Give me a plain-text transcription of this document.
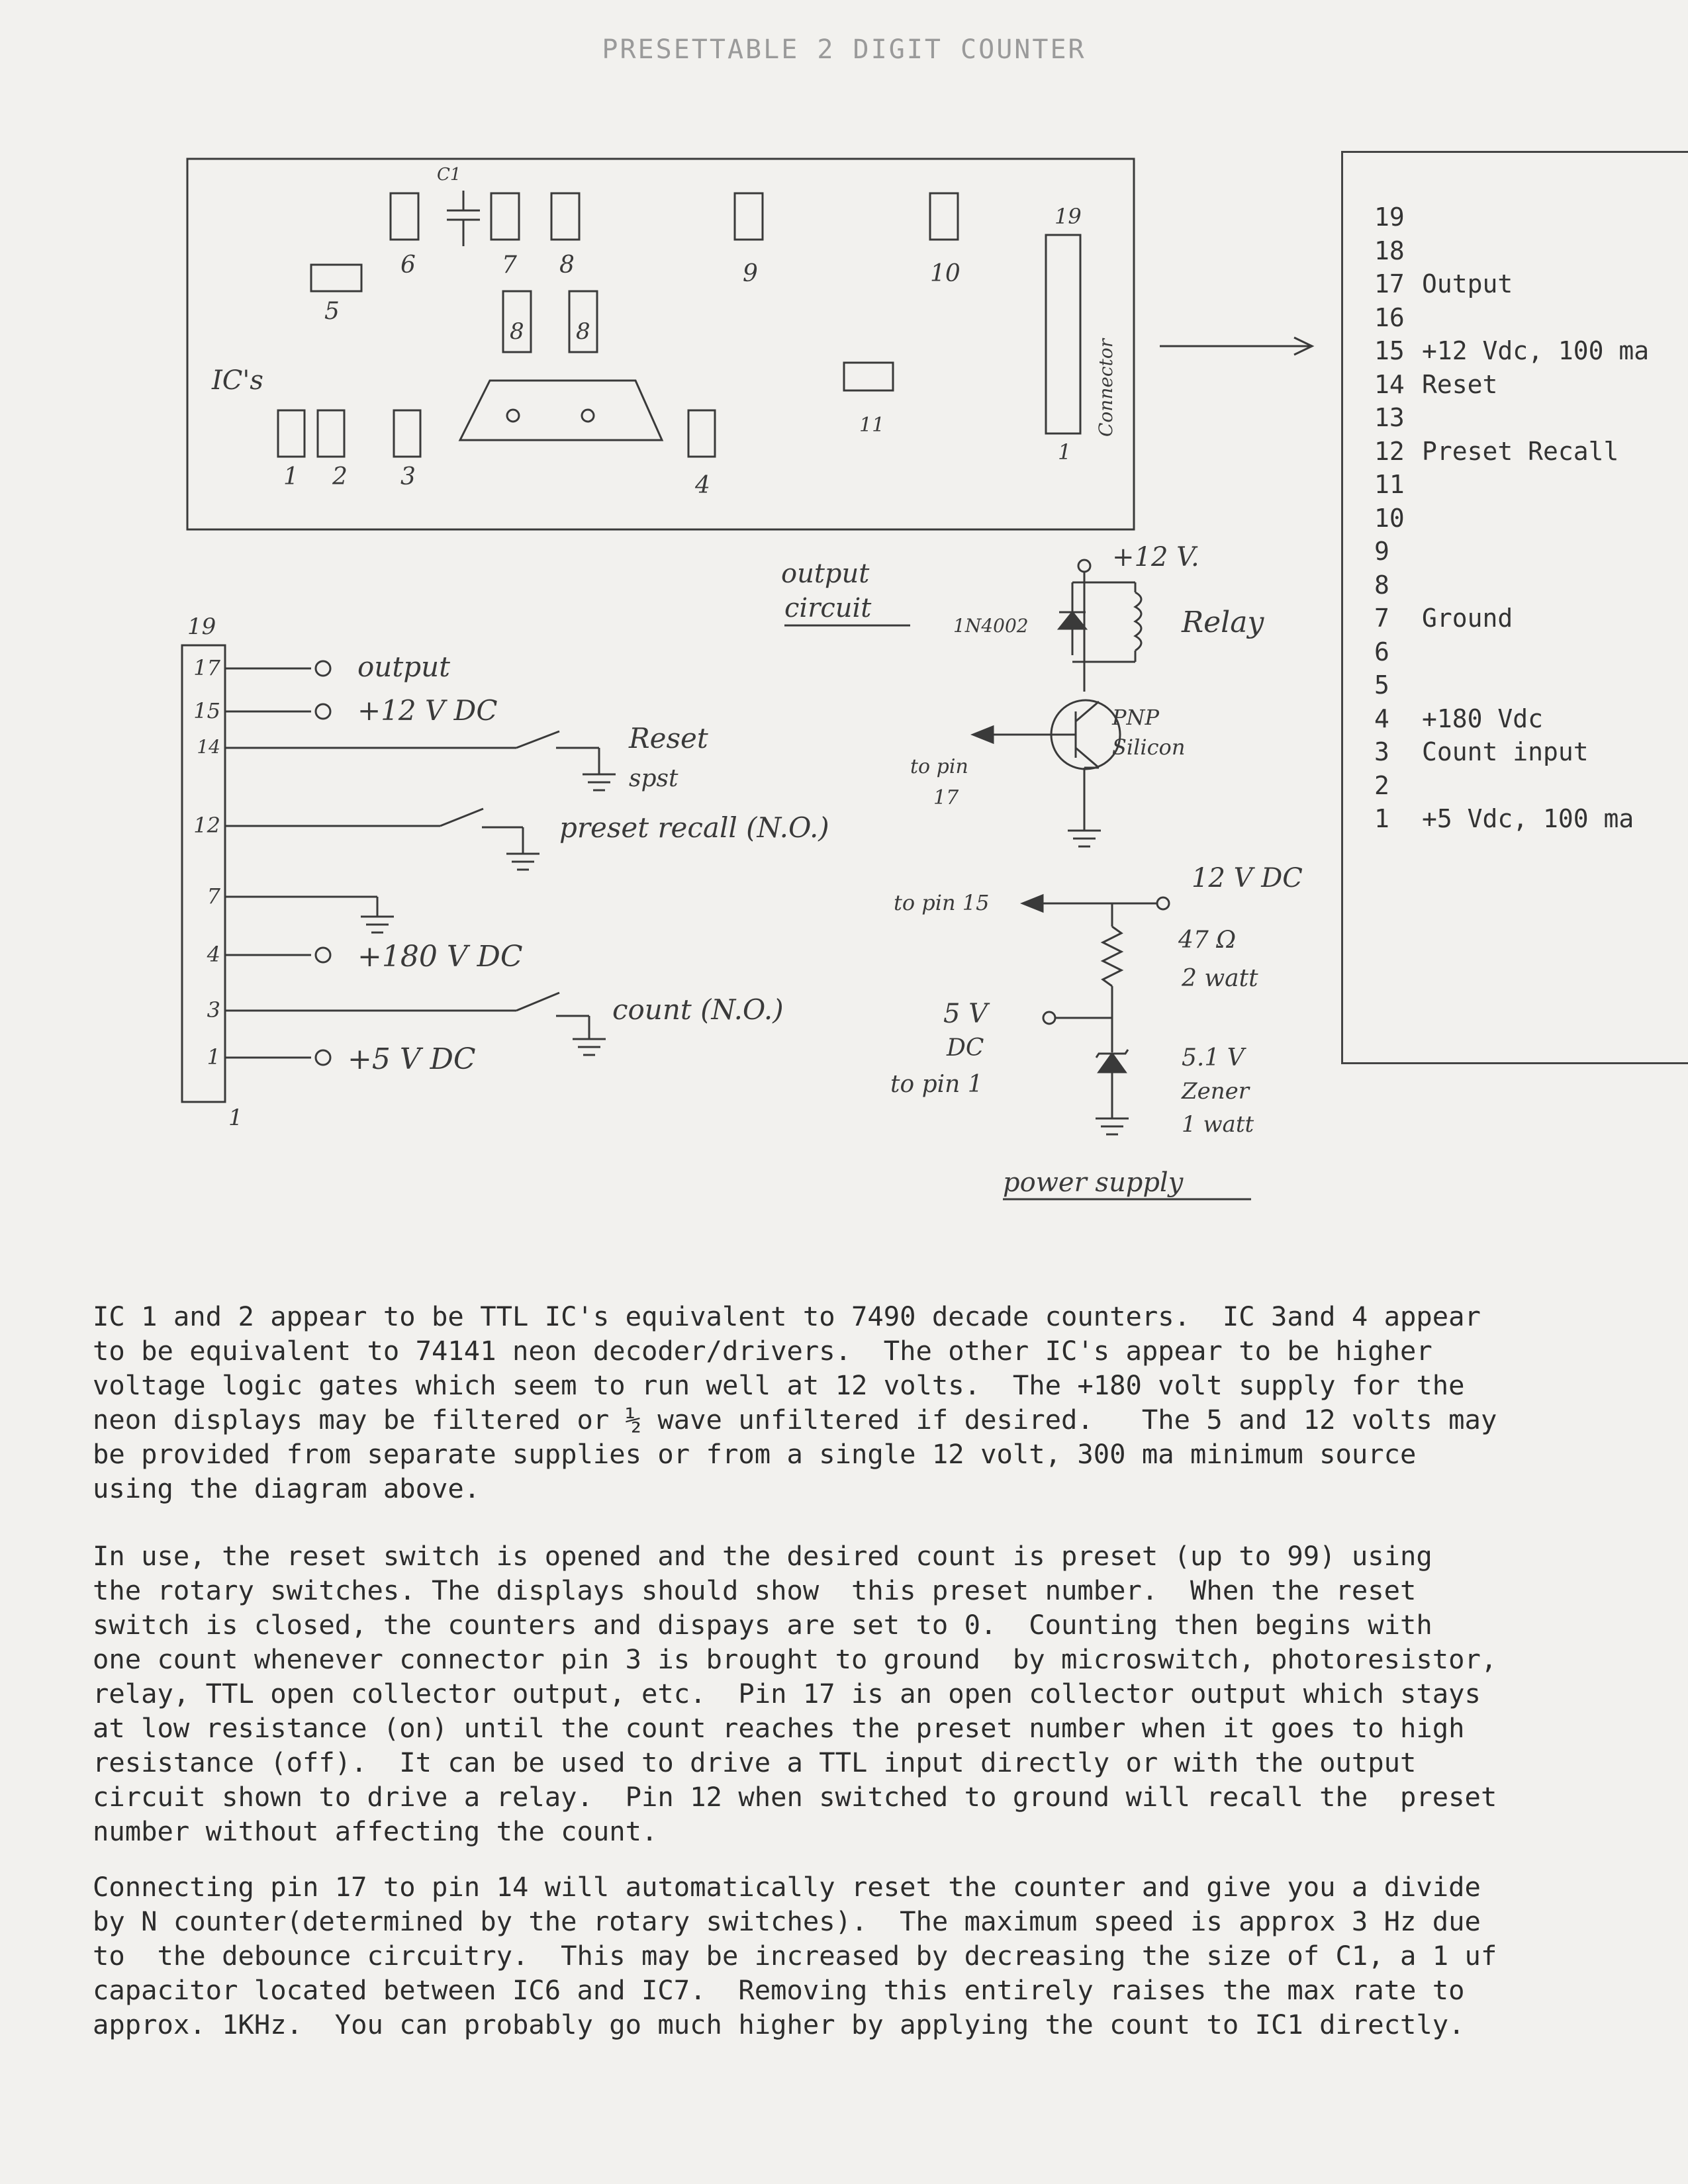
PRESETTABLE 2 DIGIT COUNTER
IC's
C1
19
1
Connector
1 2 3	4
5
6	7 8	9	10
11
8 8
19
1
17
15
14
12
7
4
3
1
output
+12 V DC
Reset
spst
preset recall (N.O.)
+180 V DC
count (N.O.)
+5 V DC
output
circuit
+12 V.
1N4002	Relay
PNP
Silicon
to pin
17
12 V DC
to pin 15
47 Ω
2 watt
5 V
DC
to pin 1
5.1 V
Zener
1 watt
power supply
19
18
17 Output
16
15 +12 Vdc, 100 ma
14 Reset
13
12 Preset Recall
11
10
9
8
7 Ground
6
5
4 +180 Vdc
3 Count input
2
1 +5 Vdc, 100 ma

IC 1 and 2 appear to be TTL IC's equivalent to 7490 decade counters.  IC 3and 4 appear
to be equivalent to 74141 neon decoder/drivers.  The other IC's appear to be higher
voltage logic gates which seem to run well at 12 volts.  The +180 volt supply for the
neon displays may be filtered or ½ wave unfiltered if desired.   The 5 and 12 volts may
be provided from separate supplies or from a single 12 volt, 300 ma minimum source
using the diagram above.

In use, the reset switch is opened and the desired count is preset (up to 99) using
the rotary switches. The displays should show  this preset number.  When the reset
switch is closed, the counters and dispays are set to 0.  Counting then begins with
one count whenever connector pin 3 is brought to ground  by microswitch, photoresistor,
relay, TTL open collector output, etc.  Pin 17 is an open collector output which stays
at low resistance (on) until the count reaches the preset number when it goes to high
resistance (off).  It can be used to drive a TTL input directly or with the output
circuit shown to drive a relay.  Pin 12 when switched to ground will recall the  preset
number without affecting the count.

Connecting pin 17 to pin 14 will automatically reset the counter and give you a divide
by N counter(determined by the rotary switches).  The maximum speed is approx 3 Hz due
to  the debounce circuitry.  This may be increased by decreasing the size of C1, a 1 uf
capacitor located between IC6 and IC7.  Removing this entirely raises the max rate to
approx. 1KHz.  You can probably go much higher by applying the count to IC1 directly.
